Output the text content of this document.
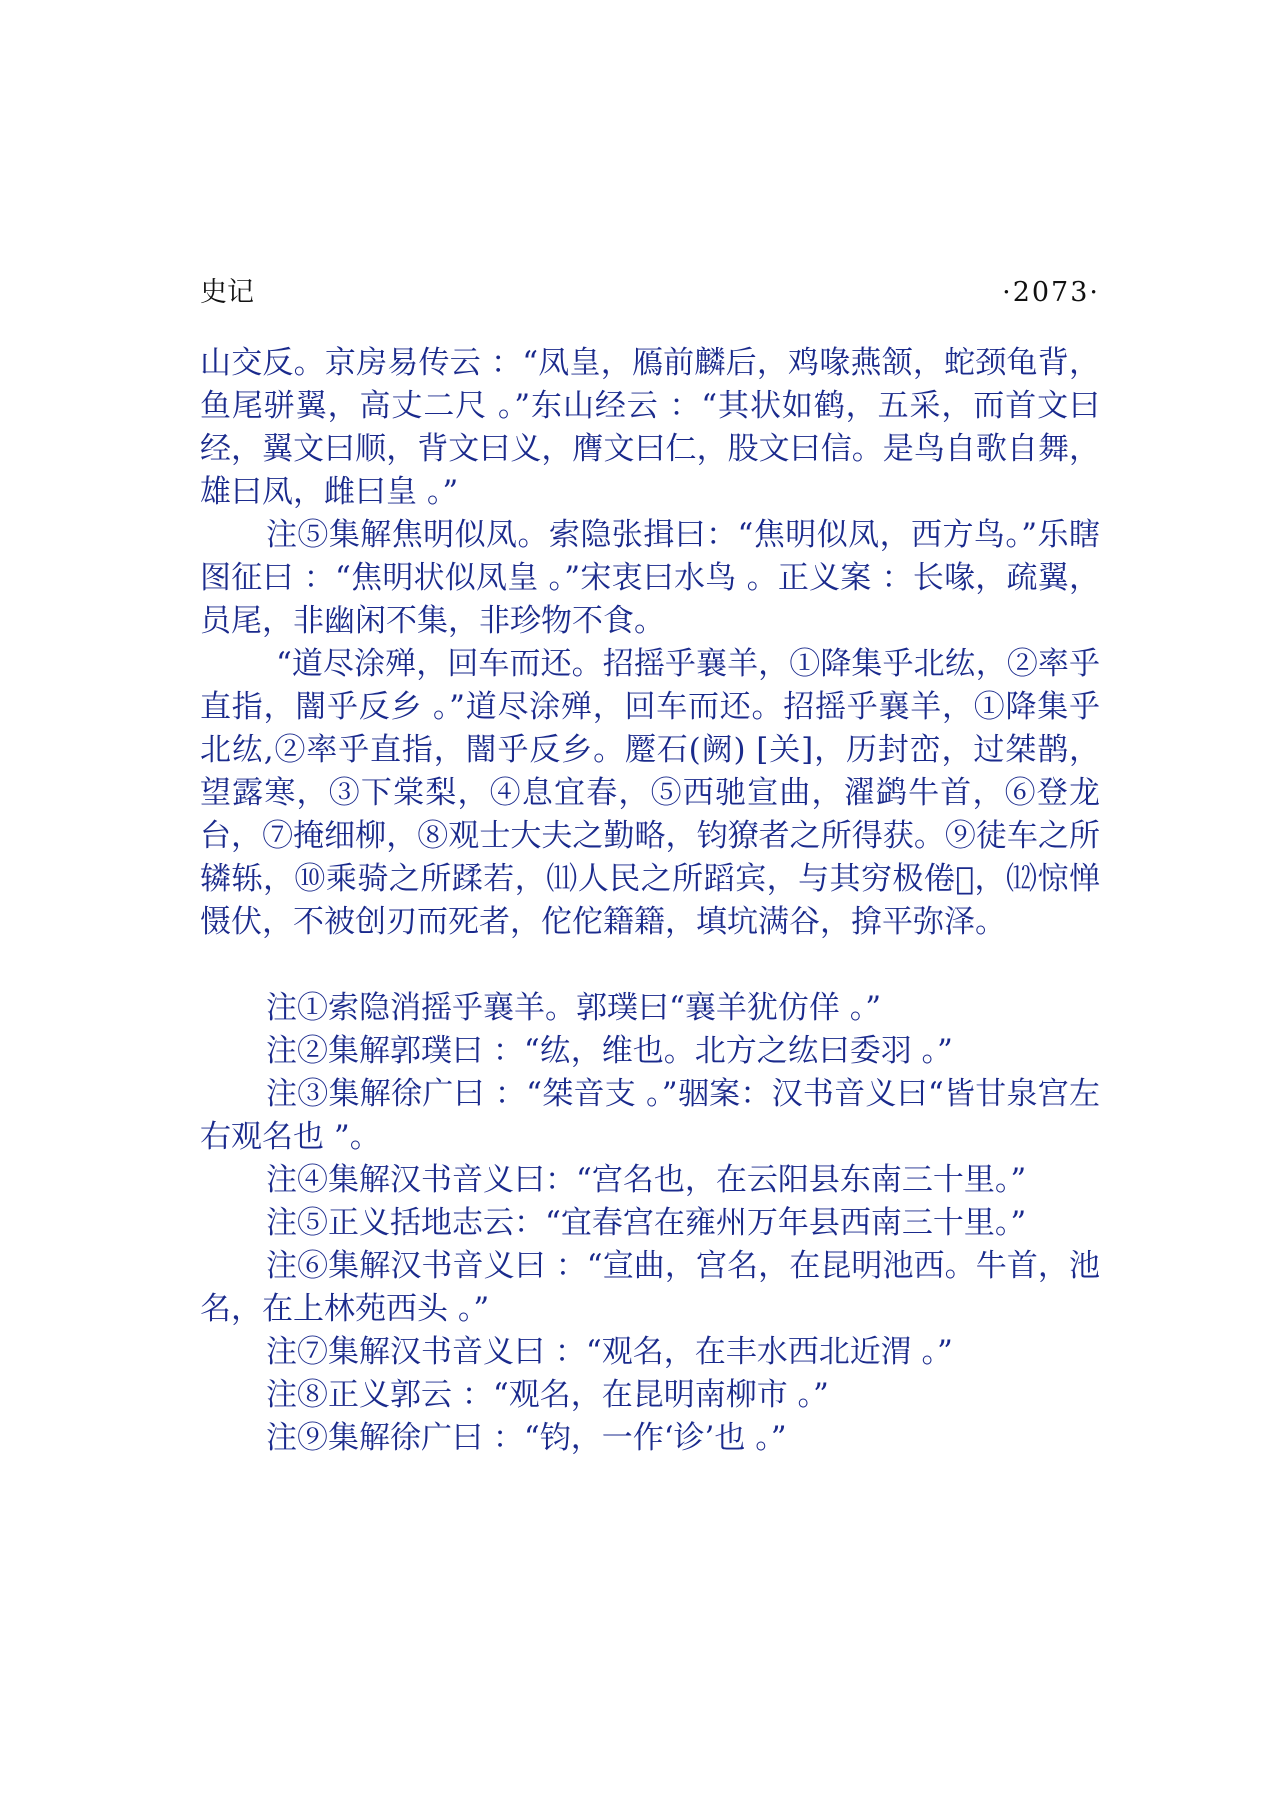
史记	·2073·

山交反。京房易传云 ：“凤皇，鴈前麟后，鸡喙燕颔，蛇颈龟背，鱼尾骈翼，高丈二尺 。”东山经云 ：“其状如鹤，五采，而首文曰经，翼文曰顺，背文曰义，膺文曰仁，股文曰信。是鸟自歌自舞，雄曰凤，雌曰皇 。”

注⑤集解焦明似凤。索隐张揖曰：“焦明似凤，西方鸟。”乐瞎图征曰 ：“焦明状似凤皇 。”宋衷曰水鸟 。正义案 ：长喙，疏翼，员尾，非幽闲不集，非珍物不食。

“道尽涂殚，回车而还。招摇乎襄羊，①降集乎北纮，②率乎直指，闇乎反乡 。”道尽涂殚，回车而还。招摇乎襄羊，①降集乎北纮,②率乎直指，闇乎反乡。蹷石(阙) [关]，历封峦，过桀鹊，望露寒，③下棠梨，④息宜春，⑤西驰宣曲，濯鹢牛首，⑥登龙台，⑦掩细柳，⑧观士大夫之勤略，钧獠者之所得获。⑨徒车之所辚轹，⑩乘骑之所蹂若，⑾人民之所蹈宾，与其穷极倦𠝕，⑿惊惮慑伏，不被创刃而死者，佗佗籍籍，填坑满谷，揜平弥泽。

注①索隐消摇乎襄羊。郭璞曰“襄羊犹仿佯 。”

注②集解郭璞曰 ：“纮，维也。北方之纮曰委羽 。”

注③集解徐广曰 ：“桀音支 。”骃案：汉书音义曰“皆甘泉宫左右观名也 ”。

注④集解汉书音义曰：“宫名也，在云阳县东南三十里。”

注⑤正义括地志云：“宜春宫在雍州万年县西南三十里。”

注⑥集解汉书音义曰 ：“宣曲，宫名，在昆明池西。牛首，池名，在上林苑西头 。”

注⑦集解汉书音义曰 ：“观名，在丰水西北近渭 。”

注⑧正义郭云 ：“观名，在昆明南柳市 。”

注⑨集解徐广曰 ：“钧，一作‘诊’也 。”
